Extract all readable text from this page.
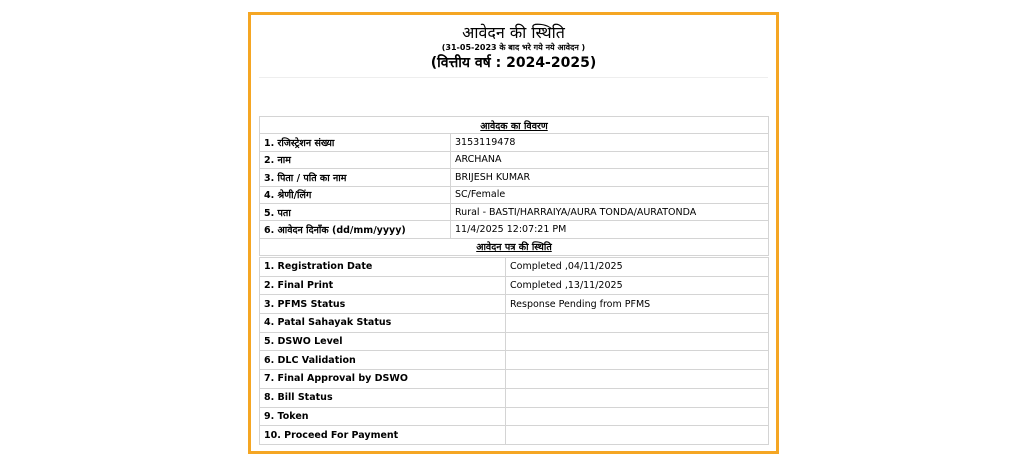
आवेदन की स्थिति
(31-05-2023 के बाद भरे गये नये आवेदन )
(वित्तीय वर्ष : 2024-2025)
आवेदक का विवरण	
1. रजिस्ट्रेशन संख्या	3153119478
2. नाम	ARCHANA
3. पिता / पति का नाम	BRIJESH KUMAR
4. श्रेणी/लिंग	SC/Female
5. पता	Rural - BASTI/HARRAIYA/AURA TONDA/AURATONDA
6. आवेदन दिनाँक (dd/mm/yyyy)	11/4/2025 12:07:21 PM
आवेदन पत्र की स्थिति	
1. Registration Date	Completed ,04/11/2025
2. Final Print	Completed ,13/11/2025
3. PFMS Status	Response Pending from PFMS
4. Patal Sahayak Status	
5. DSWO Level	
6. DLC Validation	
7. Final Approval by DSWO	
8. Bill Status	
9. Token	
10. Proceed For Payment	
